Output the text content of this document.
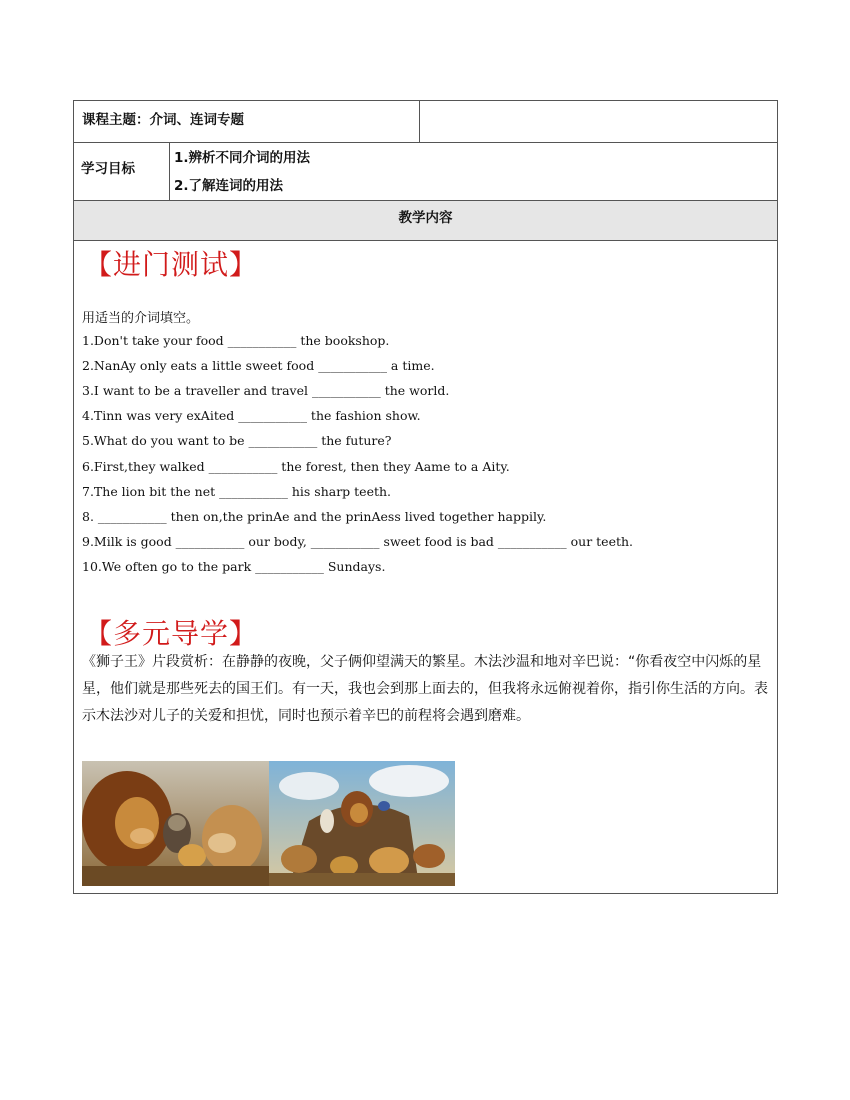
课程主题：介词、连词专题
学习目标
1.辨析不同介词的用法
2.了解连词的用法
教学内容
【进门测试】
用适当的介词填空。
1.Don't take your food ___________ the bookshop.
2.NanAy only eats a little sweet food ___________ a time.
3.I want to be a traveller and travel ___________ the world.
4.Tinn was very exAited ___________ the fashion show.
5.What do you want to be ___________ the future?
6.First,they walked ___________ the forest, then they Aame to a Aity.
7.The lion bit the net ___________ his sharp teeth.
8. ___________ then on,the prinAe and the prinAess lived together happily.
9.Milk is good ___________ our body, ___________ sweet food is bad ___________ our teeth.
10.We often go to the park ___________ Sundays.
【多元导学】
《狮子王》片段赏析：在静静的夜晚，父子俩仰望满天的繁星。木法沙温和地对辛巴说：“你看夜空中闪烁的星星，他们就是那些死去的国王们。有一天，我也会到那上面去的，但我将永远俯视着你，指引你生活的方向。表示木法沙对儿子的关爱和担忧，同时也预示着辛巴的前程将会遇到磨难。
